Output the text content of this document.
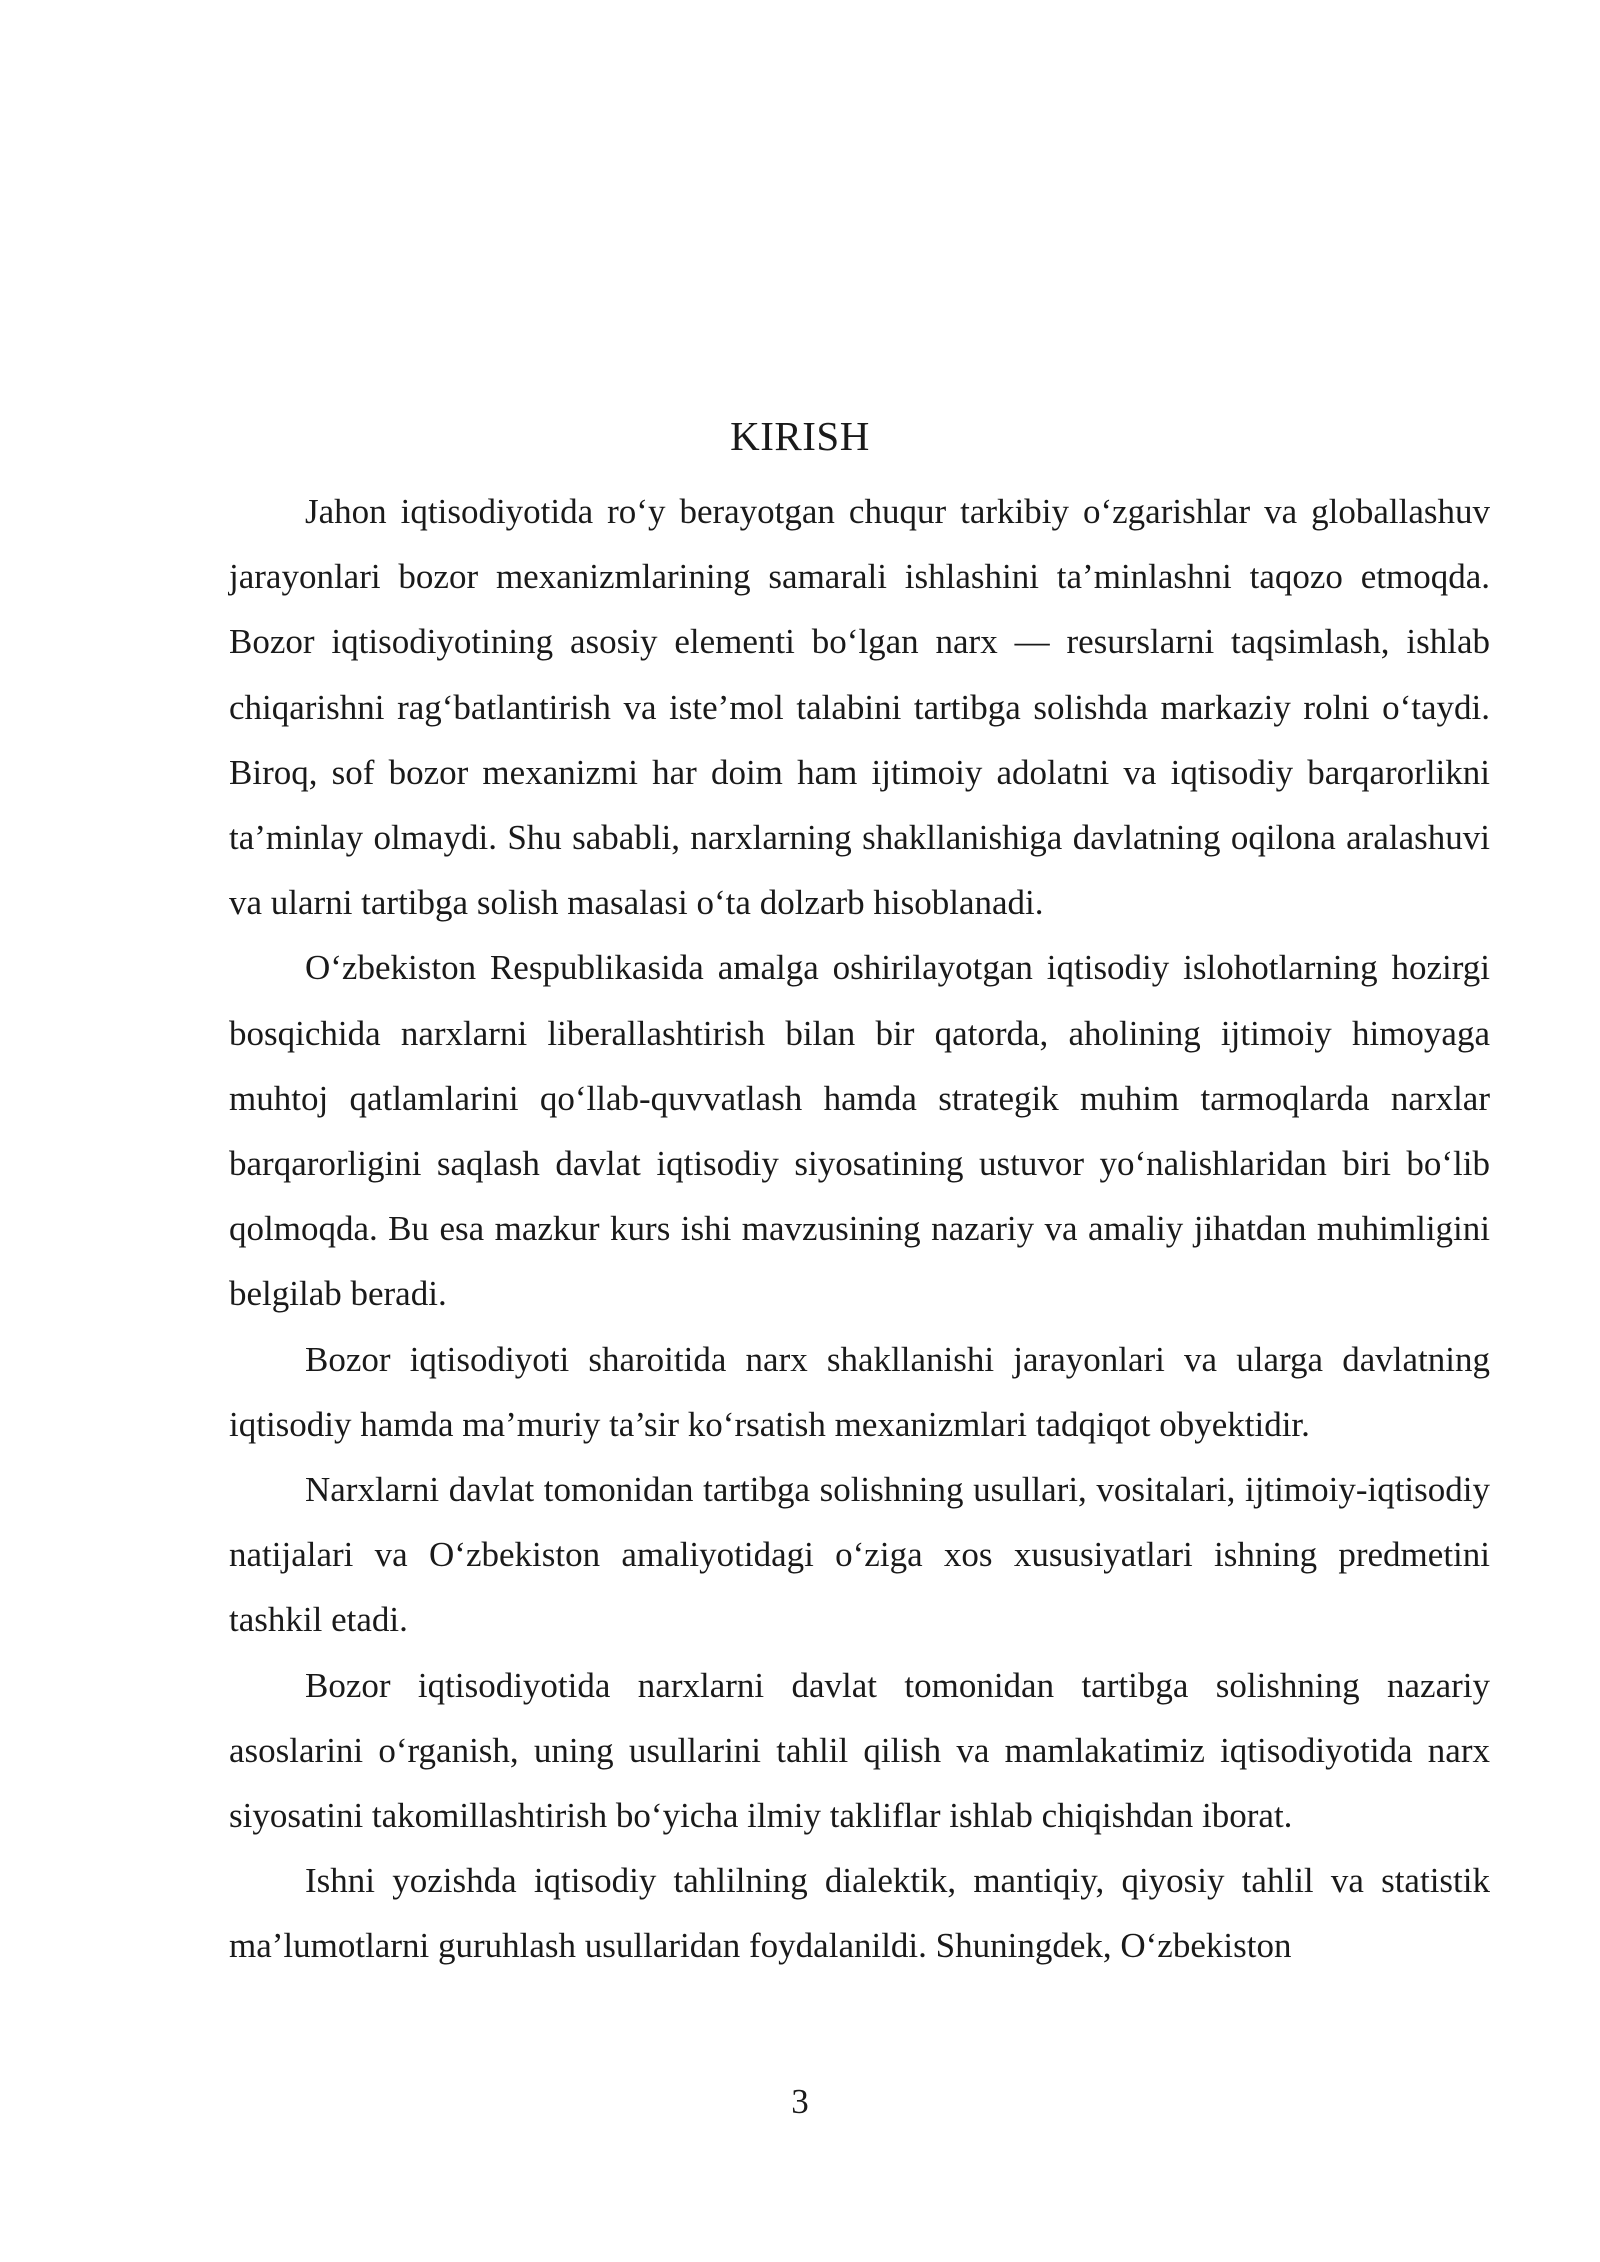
KIRISH

Jahon iqtisodiyotida ro‘y berayotgan chuqur tarkibiy o‘zgarishlar va globallashuv jarayonlari bozor mexanizmlarining samarali ishlashini ta’minlashni taqozo etmoqda. Bozor iqtisodiyotining asosiy elementi bo‘lgan narx — resurslarni taqsimlash, ishlab chiqarishni rag‘batlantirish va iste’mol talabini tartibga solishda markaziy rolni o‘taydi. Biroq, sof bozor mexanizmi har doim ham ijtimoiy adolatni va iqtisodiy barqarorlikni ta’minlay olmaydi. Shu sababli, narxlarning shakllanishiga davlatning oqilona aralashuvi va ularni tartibga solish masalasi o‘ta dolzarb hisoblanadi.

O‘zbekiston Respublikasida amalga oshirilayotgan iqtisodiy islohotlarning hozirgi bosqichida narxlarni liberallashtirish bilan bir qatorda, aholining ijtimoiy himoyaga muhtoj qatlamlarini qo‘llab-quvvatlash hamda strategik muhim tarmoqlarda narxlar barqarorligini saqlash davlat iqtisodiy siyosatining ustuvor yo‘nalishlaridan biri bo‘lib qolmoqda. Bu esa mazkur kurs ishi mavzusining nazariy va amaliy jihatdan muhimligini belgilab beradi.

Bozor iqtisodiyoti sharoitida narx shakllanishi jarayonlari va ularga davlatning iqtisodiy hamda ma’muriy ta’sir ko‘rsatish mexanizmlari tadqiqot obyektidir.

Narxlarni davlat tomonidan tartibga solishning usullari, vositalari, ijtimoiy-iqtisodiy natijalari va O‘zbekiston amaliyotidagi o‘ziga xos xususiyatlari ishning predmetini tashkil etadi.

Bozor iqtisodiyotida narxlarni davlat tomonidan tartibga solishning nazariy asoslarini o‘rganish, uning usullarini tahlil qilish va mamlakatimiz iqtisodiyotida narx siyosatini takomillashtirish bo‘yicha ilmiy takliflar ishlab chiqishdan iborat.

Ishni yozishda iqtisodiy tahlilning dialektik, mantiqiy, qiyosiy tahlil va statistik ma’lumotlarni guruhlash usullaridan foydalanildi. Shuningdek, O‘zbekiston

3
